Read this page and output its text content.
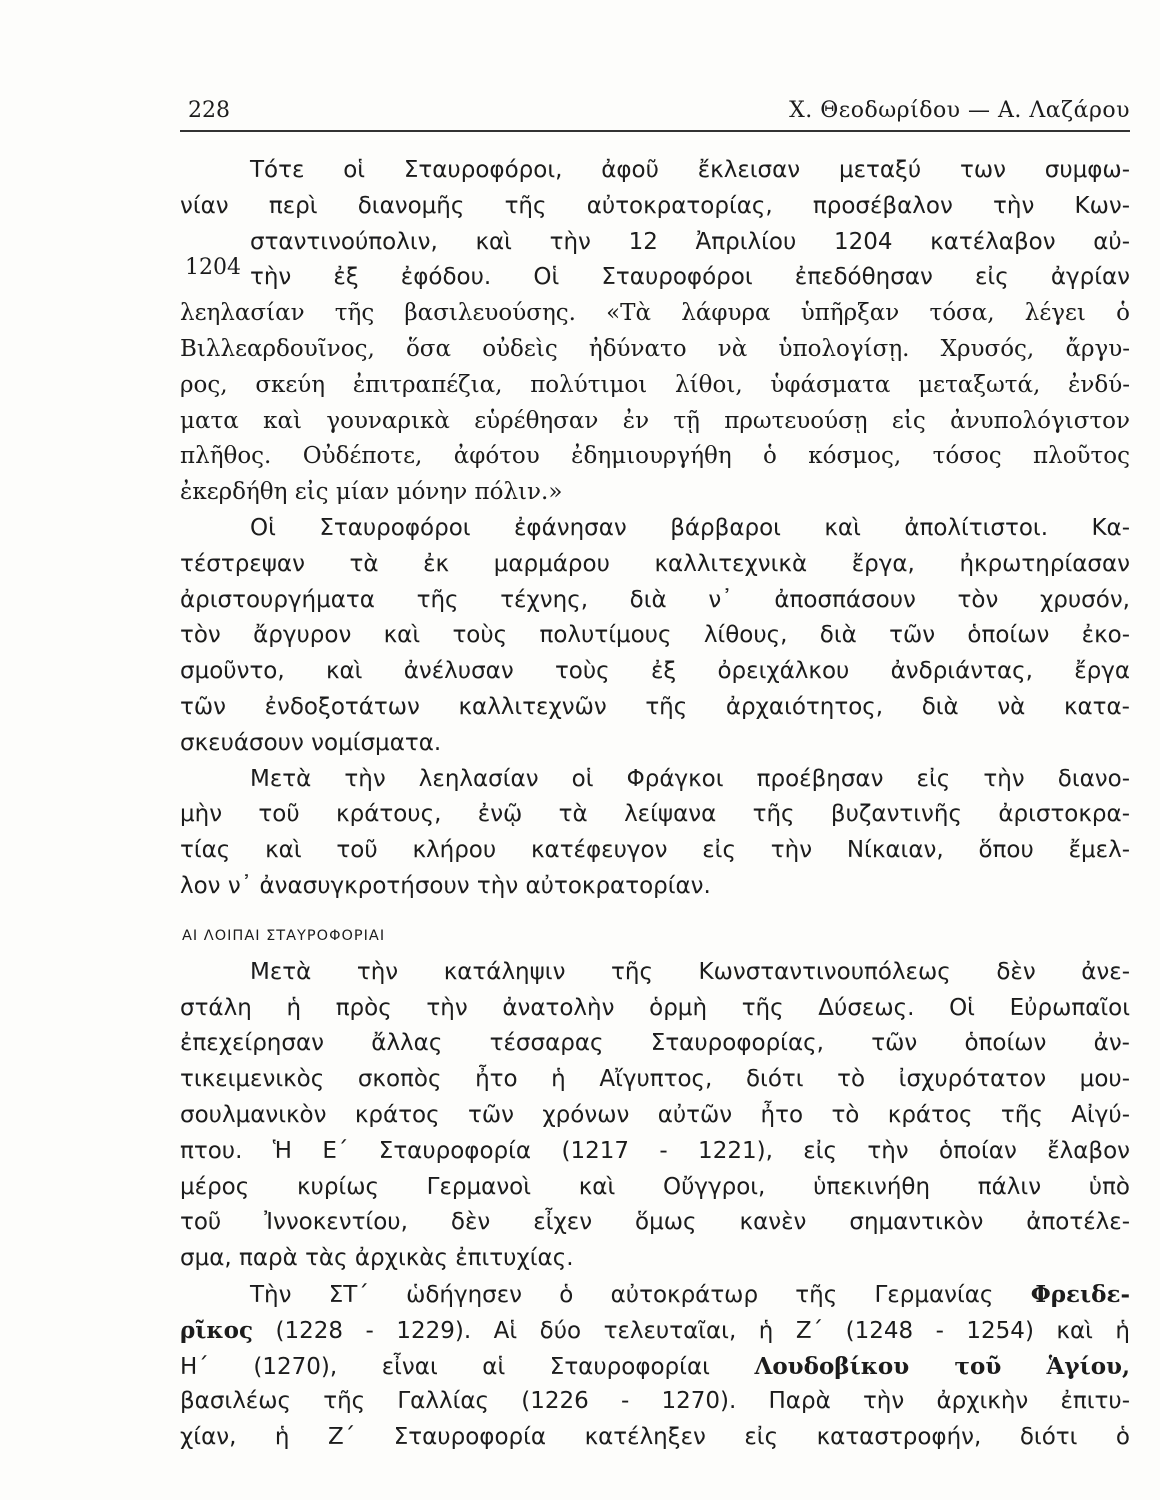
228	Χ. Θεοδωρίδου — Α. Λαζάρου
1204
Τότε οἱ Σταυροφόροι, ἀφοῦ ἔκλεισαν μεταξύ των συμφω-
νίαν περὶ διανομῆς τῆς αὐτοκρατορίας, προσέβαλον τὴν Κων-
σταντινούπολιν, καὶ τὴν 12 Ἀπριλίου 1204 κατέλαβον αὐ-
τὴν ἐξ ἐφόδου. Οἱ Σταυροφόροι ἐπεδόθησαν εἰς ἀγρίαν
λεηλασίαν τῆς βασιλευούσης. «Τὰ λάφυρα ὑπῆρξαν τόσα, λέγει ὁ
Βιλλεαρδουῖνος, ὅσα οὐδεὶς ἠδύνατο νὰ ὑπολογίσῃ. Χρυσός, ἄργυ-
ρος, σκεύη ἐπιτραπέζια, πολύτιμοι λίθοι, ὑφάσματα μεταξωτά, ἐνδύ-
ματα καὶ γουναρικὰ εὑρέθησαν ἐν τῇ πρωτευούσῃ εἰς ἀνυπολόγιστον
πλῆθος. Οὐδέποτε, ἀφότου ἐδημιουργήθη ὁ κόσμος, τόσος πλοῦτος
ἐκερδήθη εἰς μίαν μόνην πόλιν.»
Οἱ Σταυροφόροι ἐφάνησαν βάρβαροι καὶ ἀπολίτιστοι. Κα-
τέστρεψαν τὰ ἐκ μαρμάρου καλλιτεχνικὰ ἔργα, ἠκρωτηρίασαν
ἀριστουργήματα τῆς τέχνης, διὰ ν᾽ ἀποσπάσουν τὸν χρυσόν,
τὸν ἄργυρον καὶ τοὺς πολυτίμους λίθους, διὰ τῶν ὁποίων ἐκο-
σμοῦντο, καὶ ἀνέλυσαν τοὺς ἐξ ὀρειχάλκου ἀνδριάντας, ἔργα
τῶν ἐνδοξοτάτων καλλιτεχνῶν τῆς ἀρχαιότητος, διὰ νὰ κατα-
σκευάσουν νομίσματα.
Μετὰ τὴν λεηλασίαν οἱ Φράγκοι προέβησαν εἰς τὴν διανο-
μὴν τοῦ κράτους, ἐνῷ τὰ λείψανα τῆς βυζαντινῆς ἀριστοκρα-
τίας καὶ τοῦ κλήρου κατέφευγον εἰς τὴν Νίκαιαν, ὅπου ἔμελ-
λον ν᾽ ἀνασυγκροτήσουν τὴν αὐτοκρατορίαν.
ΑΙ ΛΟΙΠΑΙ ΣΤΑΥΡΟΦΟΡΙΑΙ
Μετὰ τὴν κατάληψιν τῆς Κωνσταντινουπόλεως δὲν ἀνε-
στάλη ἡ πρὸς τὴν ἀνατολὴν ὁρμὴ τῆς Δύσεως. Οἱ Εὐρωπαῖοι
ἐπεχείρησαν ἄλλας τέσσαρας Σταυροφορίας, τῶν ὁποίων ἀν-
τικειμενικὸς σκοπὸς ἦτο ἡ Αἴγυπτος, διότι τὸ ἰσχυρότατον μου-
σουλμανικὸν κράτος τῶν χρόνων αὐτῶν ἦτο τὸ κράτος τῆς Αἰγύ-
πτου. Ἡ Ε΄ Σταυροφορία (1217 - 1221), εἰς τὴν ὁποίαν ἔλαβον
μέρος κυρίως Γερμανοὶ καὶ Οὔγγροι, ὑπεκινήθη πάλιν ὑπὸ
τοῦ Ἰννοκεντίου, δὲν εἶχεν ὅμως κανὲν σημαντικὸν ἀποτέλε-
σμα, παρὰ τὰς ἀρχικὰς ἐπιτυχίας.
Τὴν ΣΤ΄ ὡδήγησεν ὁ αὐτοκράτωρ τῆς Γερμανίας Φρειδε-
ρῖκος (1228 - 1229). Αἱ δύο τελευταῖαι, ἡ Ζ΄ (1248 - 1254) καὶ ἡ
Η΄ (1270), εἶναι αἱ Σταυροφορίαι Λουδοβίκου τοῦ Ἁγίου,
βασιλέως τῆς Γαλλίας (1226 - 1270). Παρὰ τὴν ἀρχικὴν ἐπιτυ-
χίαν, ἡ Ζ΄ Σταυροφορία κατέληξεν εἰς καταστροφήν, διότι ὁ
